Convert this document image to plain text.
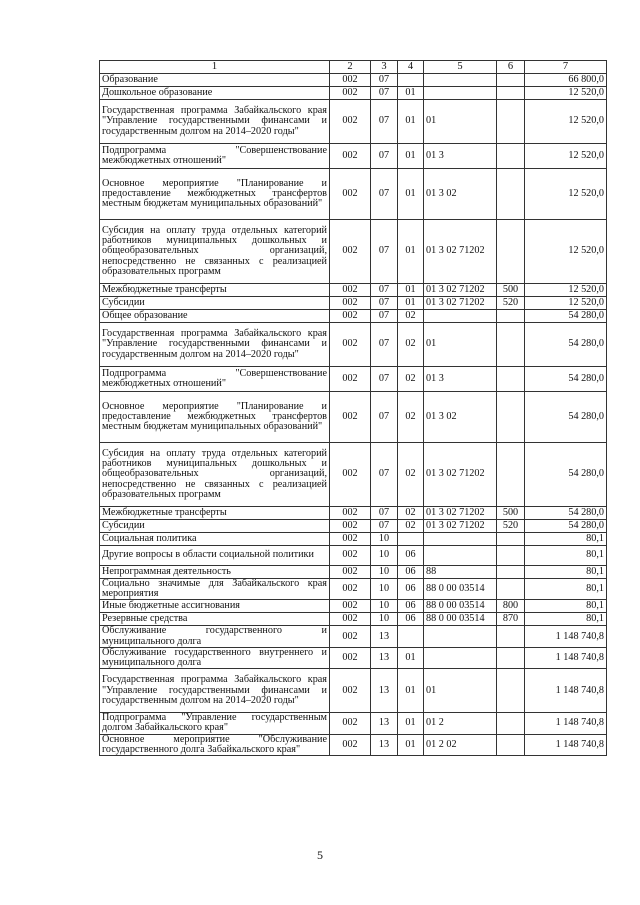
1	2	3	4	5	6	7
Образование	002	07				66 800,0
Дошкольное образование	002	07	01			12 520,0
Государственная программа Забайкальского края "Управление государственными финансами и государственным долгом на 2014–2020 годы"	002	07	01	01		12 520,0
Подпрограмма "Совершенствование межбюджетных отношений"	002	07	01	01 3		12 520,0
Основное мероприятие "Планирование и предоставление межбюджетных трансфертов местным бюджетам муниципальных образований"	002	07	01	01 3 02		12 520,0
Субсидия на оплату труда отдельных категорий работников муниципальных дошкольных и общеобразовательных организаций, непосредственно не связанных с реализацией образовательных программ	002	07	01	01 3 02 71202		12 520,0
Межбюджетные трансферты	002	07	01	01 3 02 71202	500	12 520,0
Субсидии	002	07	01	01 3 02 71202	520	12 520,0
Общее образование	002	07	02			54 280,0
Государственная программа Забайкальского края "Управление государственными финансами и государственным долгом на 2014–2020 годы"	002	07	02	01		54 280,0
Подпрограмма "Совершенствование межбюджетных отношений"	002	07	02	01 3		54 280,0
Основное мероприятие "Планирование и предоставление межбюджетных трансфертов местным бюджетам муниципальных образований"	002	07	02	01 3 02		54 280,0
Субсидия на оплату труда отдельных категорий работников муниципальных дошкольных и общеобразовательных организаций, непосредственно не связанных с реализацией образовательных программ	002	07	02	01 3 02 71202		54 280,0
Межбюджетные трансферты	002	07	02	01 3 02 71202	500	54 280,0
Субсидии	002	07	02	01 3 02 71202	520	54 280,0
Социальная политика	002	10				80,1
Другие вопросы в области социальной политики	002	10	06			80,1
Непрограммная деятельность	002	10	06	88		80,1
Социально значимые для Забайкальского края мероприятия	002	10	06	88 0 00 03514		80,1
Иные бюджетные ассигнования	002	10	06	88 0 00 03514	800	80,1
Резервные средства	002	10	06	88 0 00 03514	870	80,1
Обслуживание государственного и муниципального долга	002	13				1 148 740,8
Обслуживание государственного внутреннего и муниципального долга	002	13	01			1 148 740,8
Государственная программа Забайкальского края "Управление государственными финансами и государственным долгом на 2014–2020 годы"	002	13	01	01		1 148 740,8
Подпрограмма "Управление государственным долгом Забайкальского края"	002	13	01	01 2		1 148 740,8
Основное мероприятие "Обслуживание государственного долга Забайкальского края"	002	13	01	01 2 02		1 148 740,8
5
